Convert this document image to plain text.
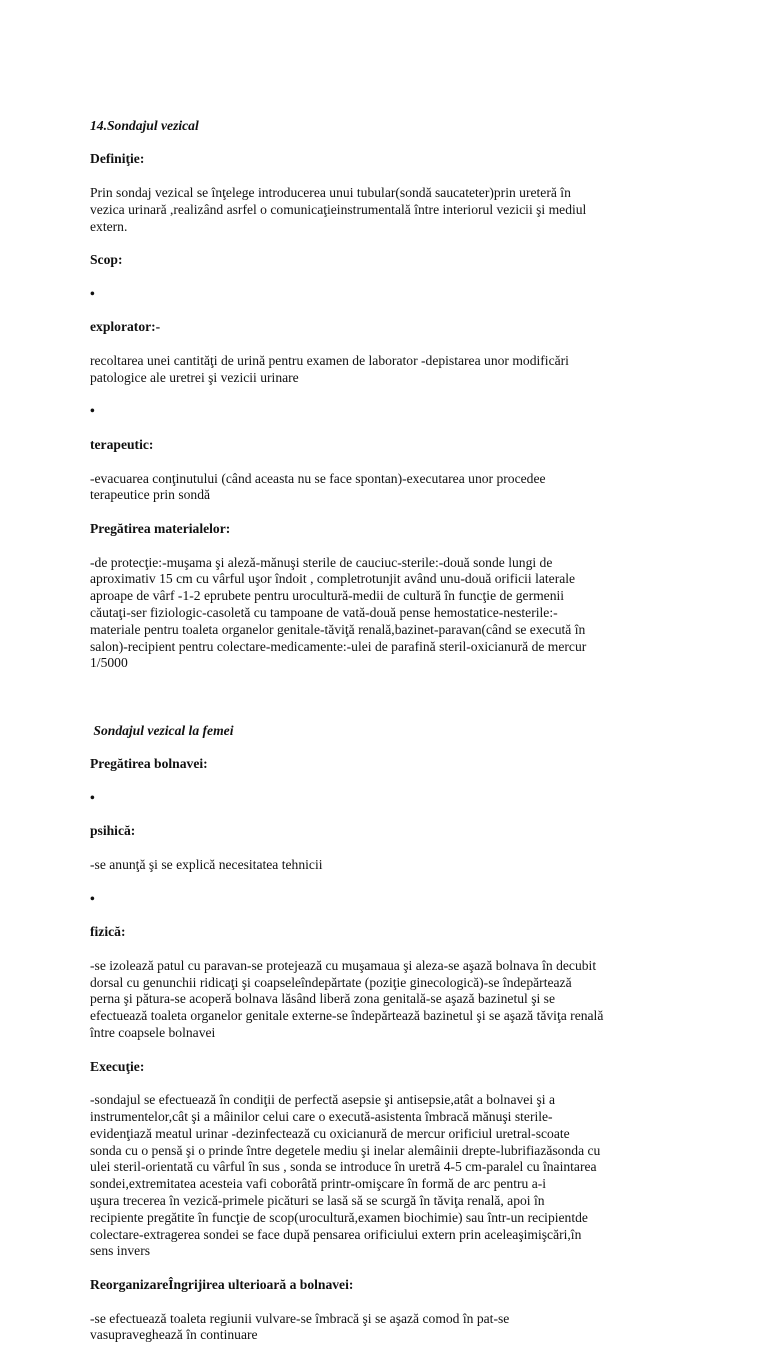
14.Sondajul vezical

Definiţie:

Prin sondaj vezical se înţelege introducerea unui tubular(sondă saucateter)prin ureteră în
vezica urinară ,realizând asrfel o comunicaţieinstrumentală între interiorul vezicii şi mediul
extern.

Scop:

•

explorator:-

recoltarea unei cantităţi de urină pentru examen de laborator -depistarea unor modificări
patologice ale uretrei şi vezicii urinare

•

terapeutic:

-evacuarea conţinutului (când aceasta nu se face spontan)-executarea unor procedee
terapeutice prin sondă

Pregătirea materialelor:

-de protecţie:-muşama şi aleză-mănuşi sterile de cauciuc-sterile:-două sonde lungi de
aproximativ 15 cm cu vârful uşor îndoit , completrotunjit având unu-două orificii laterale
aproape de vârf -1-2 eprubete pentru urocultură-medii de cultură în funcţie de germenii
căutaţi-ser fiziologic-casoletă cu tampoane de vată-două pense hemostatice-nesterile:-
materiale pentru toaleta organelor genitale-tăviţă renală,bazinet-paravan(când se execută în
salon)-recipient pentru colectare-medicamente:-ulei de parafină steril-oxicianură de mercur
1/5000

Sondajul vezical la femei

Pregătirea bolnavei:

•

psihică:

-se anunţă şi se explică necesitatea tehnicii

•

fizică:

-se izolează patul cu paravan-se protejează cu muşamaua şi aleza-se aşază bolnava în decubit
dorsal cu genunchii ridicaţi şi coapseleîndepărtate (poziţie ginecologică)-se îndepărtează
perna şi pătura-se acoperă bolnava lăsând liberă zona genitală-se aşază bazinetul şi se
efectuează toaleta organelor genitale externe-se îndepărtează bazinetul şi se aşază tăviţa renală
între coapsele bolnavei

Execuţie:

-sondajul se efectuează în condiţii de perfectă asepsie şi antisepsie,atât a bolnavei şi a
instrumentelor,cât şi a mâinilor celui care o execută-asistenta îmbracă mănuşi sterile-
evidenţiază meatul urinar -dezinfectează cu oxicianură de mercur orificiul uretral-scoate
sonda cu o pensă şi o prinde între degetele mediu şi inelar alemâinii drepte-lubrifiazăsonda cu
ulei steril-orientată cu vârful în sus , sonda se introduce în uretră 4-5 cm-paralel cu înaintarea
sondei,extremitatea acesteia vafi coborâtă printr-omişcare în formă de arc pentru a-i
uşura trecerea în vezică-primele picături se lasă să se scurgă în tăviţa renală, apoi în
recipiente pregătite în funcţie de scop(urocultură,examen biochimie) sau într-un recipientde
colectare-extragerea sondei se face după pensarea orificiului extern prin aceleaşimişcări,în
sens invers

ReorganizareÎngrijirea ulterioară a bolnavei:

-se efectuează toaleta regiunii vulvare-se îmbracă şi se aşază comod în pat-se
vasupraveghează în continuare
